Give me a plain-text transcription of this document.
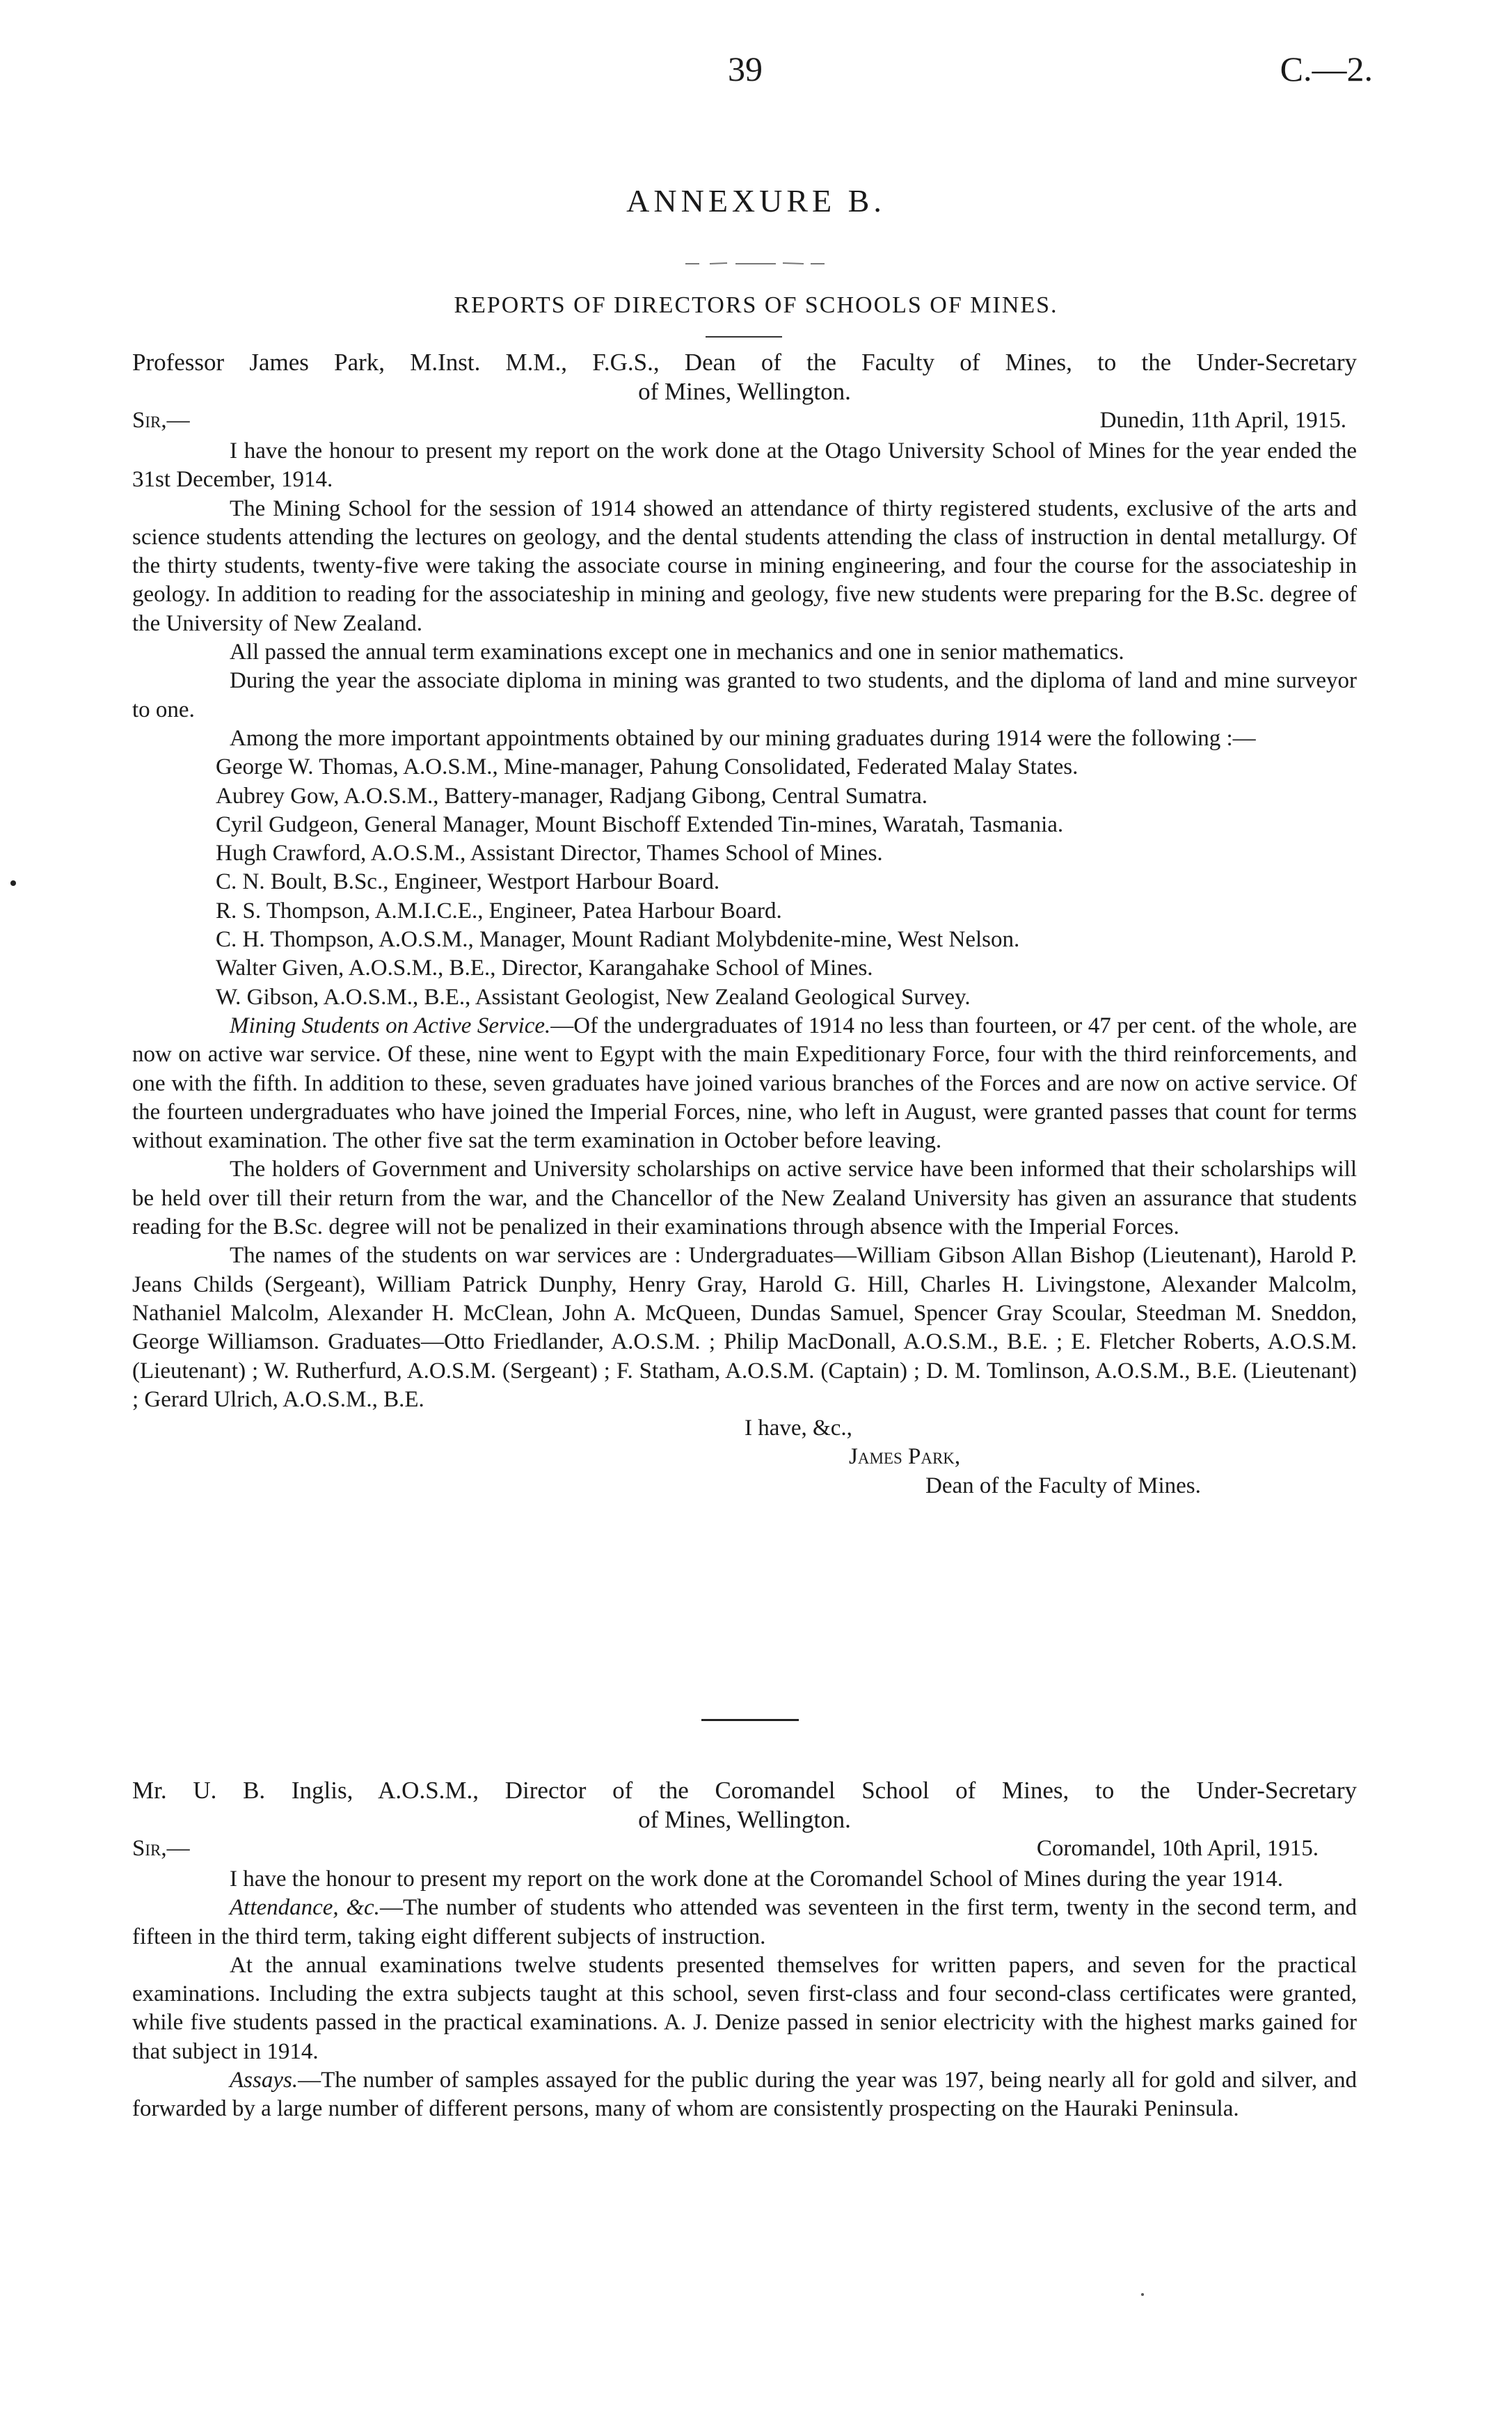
39	C.—2.
ANNEXURE B.
REPORTS OF DIRECTORS OF SCHOOLS OF MINES.

Professor James Park, M.Inst. M.M., F.G.S., Dean of the Faculty of Mines, to the Under-Secretary

of Mines, Wellington.

Sir,—	Dunedin, 11th April, 1915.

I have the honour to present my report on the work done at the Otago University School of Mines for the year ended the 31st December, 1914.

The Mining School for the session of 1914 showed an attendance of thirty registered students, exclusive of the arts and science students attending the lectures on geology, and the dental students attending the class of instruction in dental metallurgy. Of the thirty students, twenty-five were taking the associate course in mining engineering, and four the course for the associateship in geology. In addition to reading for the associateship in mining and geology, five new students were preparing for the B.Sc. degree of the University of New Zealand.

All passed the annual term examinations except one in mechanics and one in senior mathematics.

During the year the associate diploma in mining was granted to two students, and the diploma of land and mine surveyor to one.

Among the more important appointments obtained by our mining graduates during 1914 were the following :—

George W. Thomas, A.O.S.M., Mine-manager, Pahung Consolidated, Federated Malay States.
Aubrey Gow, A.O.S.M., Battery-manager, Radjang Gibong, Central Sumatra.
Cyril Gudgeon, General Manager, Mount Bischoff Extended Tin-mines, Waratah, Tasmania.
Hugh Crawford, A.O.S.M., Assistant Director, Thames School of Mines.
C. N. Boult, B.Sc., Engineer, Westport Harbour Board.
R. S. Thompson, A.M.I.C.E., Engineer, Patea Harbour Board.
C. H. Thompson, A.O.S.M., Manager, Mount Radiant Molybdenite-mine, West Nelson.
Walter Given, A.O.S.M., B.E., Director, Karangahake School of Mines.
W. Gibson, A.O.S.M., B.E., Assistant Geologist, New Zealand Geological Survey.

Mining Students on Active Service.—Of the undergraduates of 1914 no less than fourteen, or 47 per cent. of the whole, are now on active war service. Of these, nine went to Egypt with the main Expeditionary Force, four with the third reinforcements, and one with the fifth. In addition to these, seven graduates have joined various branches of the Forces and are now on active service. Of the fourteen undergraduates who have joined the Imperial Forces, nine, who left in August, were granted passes that count for terms without examination. The other five sat the term examination in October before leaving.

The holders of Government and University scholarships on active service have been informed that their scholarships will be held over till their return from the war, and the Chancellor of the New Zealand University has given an assurance that students reading for the B.Sc. degree will not be penalized in their examinations through absence with the Imperial Forces.

The names of the students on war services are : Undergraduates—William Gibson Allan Bishop (Lieutenant), Harold P. Jeans Childs (Sergeant), William Patrick Dunphy, Henry Gray, Harold G. Hill, Charles H. Livingstone, Alexander Malcolm, Nathaniel Malcolm, Alexander H. McClean, John A. McQueen, Dundas Samuel, Spencer Gray Scoular, Steedman M. Sneddon, George Williamson. Graduates—Otto Friedlander, A.O.S.M. ; Philip MacDonall, A.O.S.M., B.E. ; E. Fletcher Roberts, A.O.S.M. (Lieutenant) ; W. Rutherfurd, A.O.S.M. (Sergeant) ; F. Statham, A.O.S.M. (Captain) ; D. M. Tomlinson, A.O.S.M., B.E. (Lieutenant) ; Gerard Ulrich, A.O.S.M., B.E.

I have, &c.,

James Park,

Dean of the Faculty of Mines.

Mr. U. B. Inglis, A.O.S.M., Director of the Coromandel School of Mines, to the Under-Secretary

of Mines, Wellington.

Sir,—	Coromandel, 10th April, 1915.

I have the honour to present my report on the work done at the Coromandel School of Mines during the year 1914.

Attendance, &c.—The number of students who attended was seventeen in the first term, twenty in the second term, and fifteen in the third term, taking eight different subjects of instruction.

At the annual examinations twelve students presented themselves for written papers, and seven for the practical examinations. Including the extra subjects taught at this school, seven first-class and four second-class certificates were granted, while five students passed in the practical examinations. A. J. Denize passed in senior electricity with the highest marks gained for that subject in 1914.

Assays.—The number of samples assayed for the public during the year was 197, being nearly all for gold and silver, and forwarded by a large number of different persons, many of whom are consistently prospecting on the Hauraki Peninsula.
